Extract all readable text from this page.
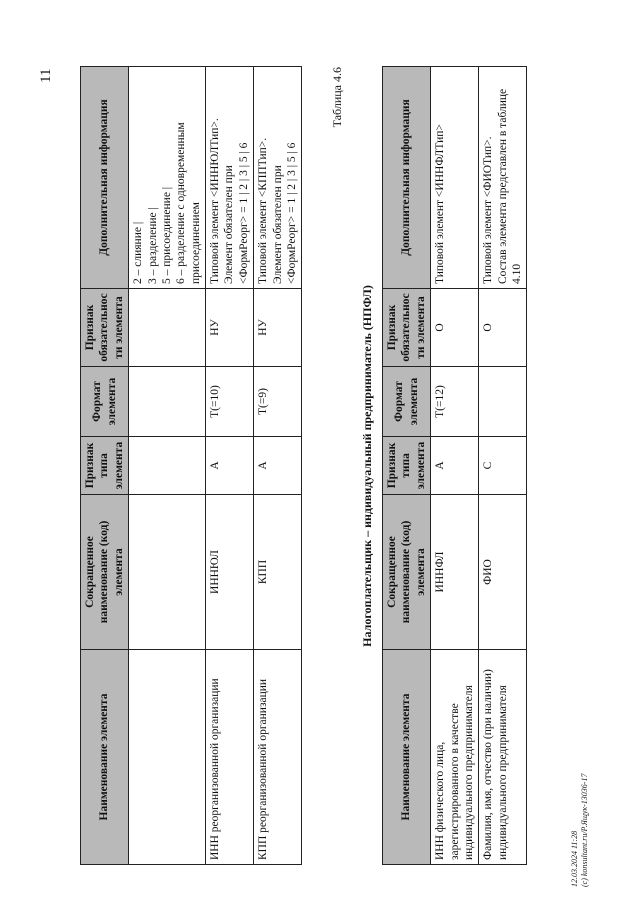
11
Наименование элемента	Сокращенное наименование (код) элемента	Признак типа элемента	Формат элемента	Признак обязательности элемента	Дополнительная информация

					2 – слияние | 3 – разделение | 5 – присоединение | 6 – разделение с одновременным присоединением

ИНН реорганизованной организации	ИННЮЛ	А	T(=10)	НУ	Типовой элемент <ИННЮЛТип>. Элемент обязателен при <ФормРеорг> = 1 | 2 | 3 | 5 | 6

КПП реорганизованной организации	КПП	А	T(=9)	НУ	Типовой элемент <КППТип>. Элемент обязателен при <ФормРеорг> = 1 | 2 | 3 | 5 | 6
Таблица 4.6
Налогоплательщик – индивидуальный предприниматель (НПФЛ)
Наименование элемента	Сокращенное наименование (код) элемента	Признак типа элемента	Формат элемента	Признак обязательности элемента	Дополнительная информация
ИНН физического лица, зарегистрированного в качестве индивидуального предпринимателя	ИННФЛ	А	T(=12)	О	Типовой элемент <ИННФЛТип>

Фамилия, имя, отчество (при наличии) индивидуального предпринимателя	ФИО	С		О	Типовой элемент <ФИОТип>. Состав элемента представлен в таблице 4.10
12.03.2024 11:28 (c) konsultant.ru/Р.Ящук-13036-17
